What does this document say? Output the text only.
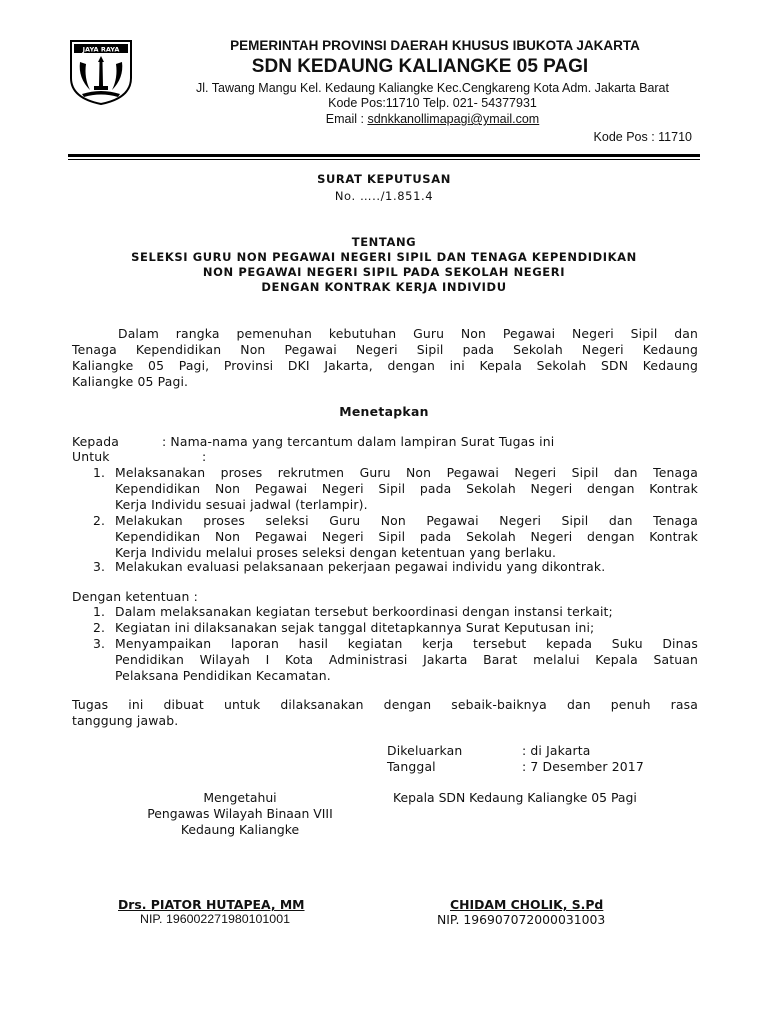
JAYA RAYA	PEMERINTAH PROVINSI DAERAH KHUSUS IBUKOTA JAKARTA
SDN KEDAUNG KALIANGKE 05 PAGI
Jl. Tawang Mangu Kel. Kedaung Kaliangke Kec.Cengkareng Kota Adm. Jakarta Barat
Kode Pos:11710 Telp. 021- 54377931
Email : sdnkkanollimapagi@ymail.com
Kode Pos : 11710
SURAT KEPUTUSAN
No. …../1.851.4
TENTANG
SELEKSI GURU NON PEGAWAI NEGERI SIPIL DAN TENAGA KEPENDIDIKAN
NON PEGAWAI NEGERI SIPIL PADA SEKOLAH NEGERI
DENGAN KONTRAK KERJA INDIVIDU
Dalam rangka pemenuhan kebutuhan Guru Non Pegawai Negeri Sipil dan
Tenaga Kependidikan Non Pegawai Negeri Sipil pada Sekolah Negeri Kedaung
Kaliangke 05 Pagi, Provinsi DKI Jakarta, dengan ini Kepala Sekolah SDN Kedaung
Kaliangke 05 Pagi.
Menetapkan
Kepada	: Nama-nama yang tercantum dalam lampiran Surat Tugas ini
Untuk	:
1. Melaksanakan proses rekrutmen Guru Non Pegawai Negeri Sipil dan Tenaga
Kependidikan Non Pegawai Negeri Sipil pada Sekolah Negeri dengan Kontrak
Kerja Individu sesuai jadwal (terlampir).
2. Melakukan proses seleksi Guru Non Pegawai Negeri Sipil dan Tenaga
Kependidikan Non Pegawai Negeri Sipil pada Sekolah Negeri dengan Kontrak
Kerja Individu melalui proses seleksi dengan ketentuan yang berlaku.
3. Melakukan evaluasi pelaksanaan pekerjaan pegawai individu yang dikontrak.
Dengan ketentuan :
1. Dalam melaksanakan kegiatan tersebut berkoordinasi dengan instansi terkait;
2. Kegiatan ini dilaksanakan sejak tanggal ditetapkannya Surat Keputusan ini;
3. Menyampaikan laporan hasil kegiatan kerja tersebut kepada Suku Dinas
Pendidikan Wilayah I Kota Administrasi Jakarta Barat melalui Kepala Satuan
Pelaksana Pendidikan Kecamatan.
Tugas ini dibuat untuk dilaksanakan dengan sebaik-baiknya dan penuh rasa
tanggung jawab.
Dikeluarkan	: di Jakarta
Tanggal	: 7 Desember 2017
Mengetahui
Pengawas Wilayah Binaan VIII
Kedaung Kaliangke
Kepala SDN Kedaung Kaliangke 05 Pagi
Drs. PIATOR HUTAPEA, MM
NIP. 196002271980101001
CHIDAM CHOLIK, S.Pd
NIP. 196907072000031003
